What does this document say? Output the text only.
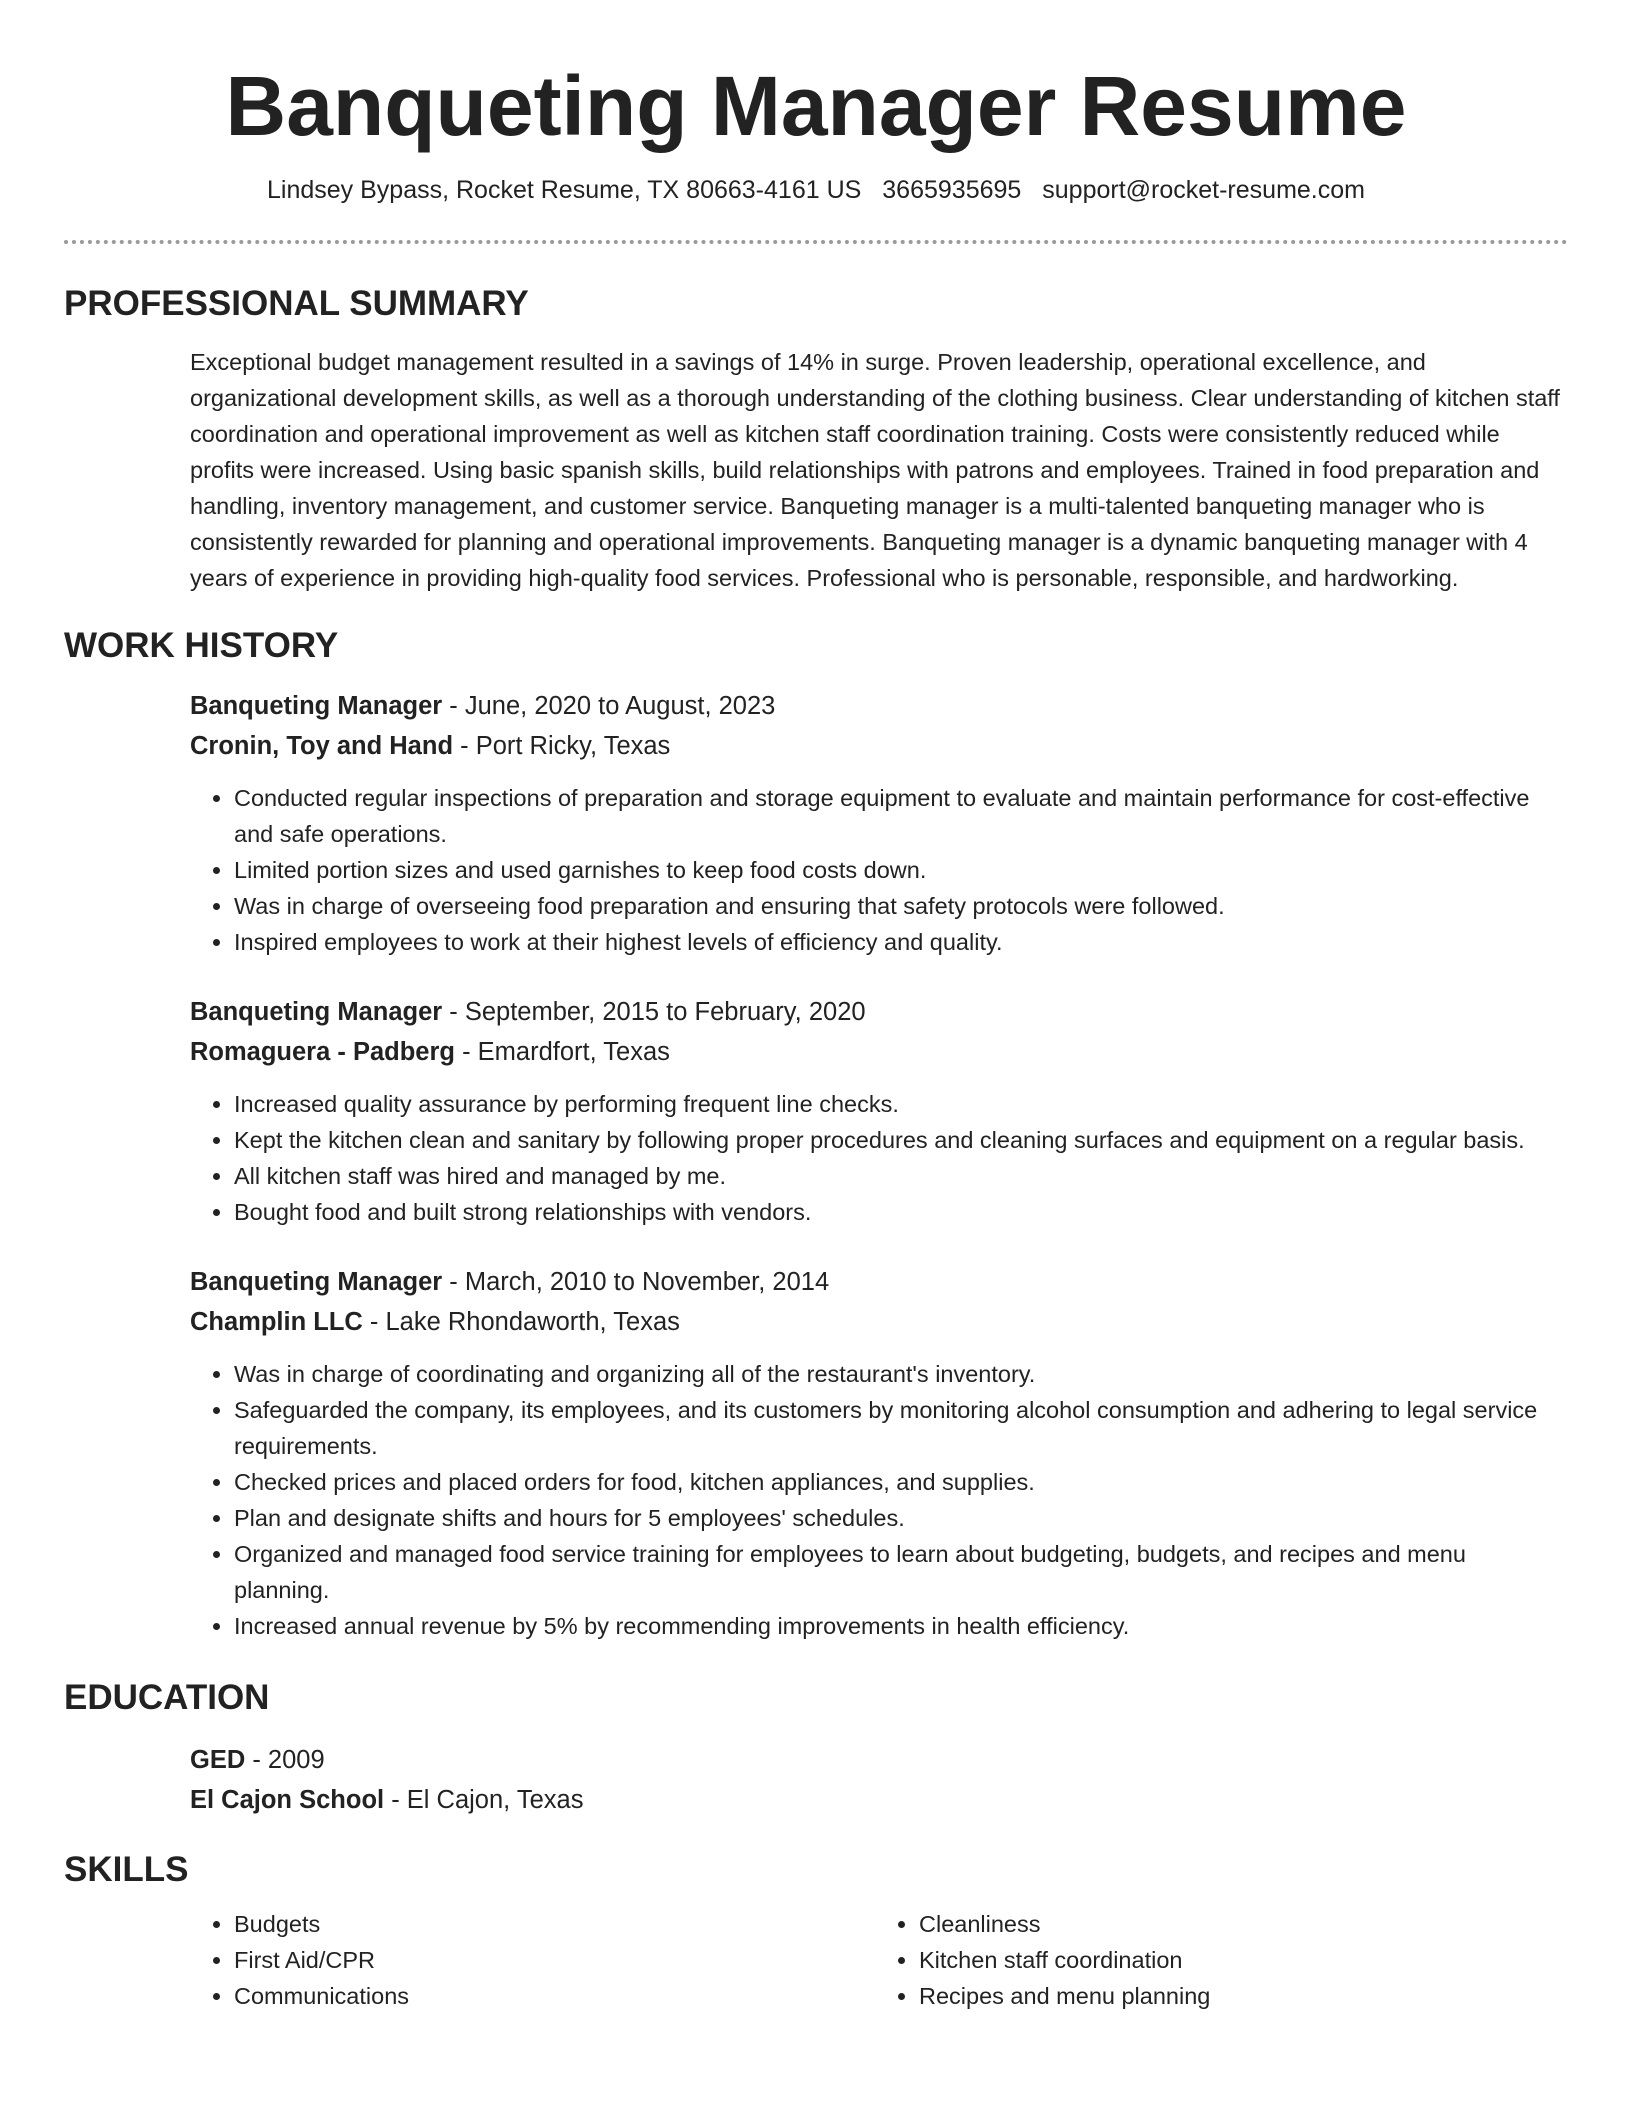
Banqueting Manager Resume
Lindsey Bypass, Rocket Resume, TX 80663-4161 US 3665935695 support@rocket-resume.com
PROFESSIONAL SUMMARY

Exceptional budget management resulted in a savings of 14% in surge. Proven leadership, operational excellence, and organizational development skills, as well as a thorough understanding of the clothing business. Clear understanding of kitchen staff coordination and operational improvement as well as kitchen staff coordination training. Costs were consistently reduced while profits were increased. Using basic spanish skills, build relationships with patrons and employees. Trained in food preparation and handling, inventory management, and customer service. Banqueting manager is a multi-talented banqueting manager who is consistently rewarded for planning and operational improvements. Banqueting manager is a dynamic banqueting manager with 4 years of experience in providing high-quality food services. Professional who is personable, responsible, and hardworking.

WORK HISTORY
Banqueting Manager - June, 2020 to August, 2023
Cronin, Toy and Hand - Port Ricky, Texas
• Conducted regular inspections of preparation and storage equipment to evaluate and maintain performance for cost-effective and safe operations.
• Limited portion sizes and used garnishes to keep food costs down.
• Was in charge of overseeing food preparation and ensuring that safety protocols were followed.
• Inspired employees to work at their highest levels of efficiency and quality.
Banqueting Manager - September, 2015 to February, 2020
Romaguera - Padberg - Emardfort, Texas
• Increased quality assurance by performing frequent line checks.
• Kept the kitchen clean and sanitary by following proper procedures and cleaning surfaces and equipment on a regular basis.
• All kitchen staff was hired and managed by me.
• Bought food and built strong relationships with vendors.
Banqueting Manager - March, 2010 to November, 2014
Champlin LLC - Lake Rhondaworth, Texas
• Was in charge of coordinating and organizing all of the restaurant's inventory.
• Safeguarded the company, its employees, and its customers by monitoring alcohol consumption and adhering to legal service requirements.
• Checked prices and placed orders for food, kitchen appliances, and supplies.
• Plan and designate shifts and hours for 5 employees' schedules.
• Organized and managed food service training for employees to learn about budgeting, budgets, and recipes and menu planning.
• Increased annual revenue by 5% by recommending improvements in health efficiency.
EDUCATION
GED - 2009
El Cajon School - El Cajon, Texas
SKILLS
• Budgets
• First Aid/CPR
• Communications
• Cleanliness
• Kitchen staff coordination
• Recipes and menu planning
